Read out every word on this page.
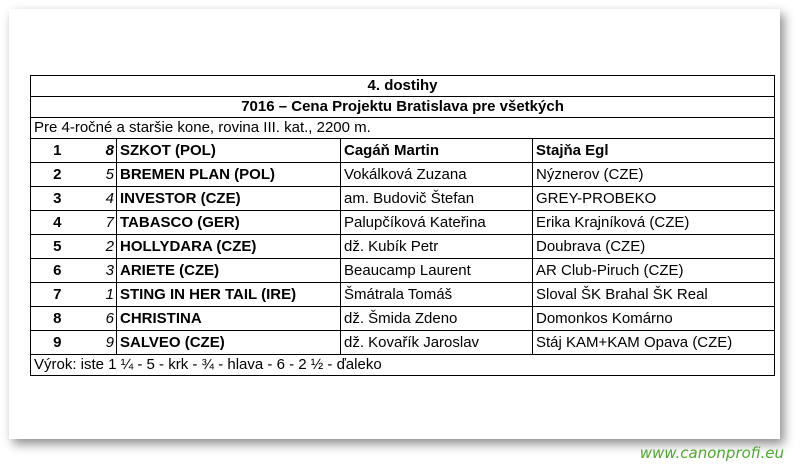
4. dostihy				
7016 – Cena Projektu Bratislava pre všetkých				
Pre 4-ročné a staršie kone, rovina III. kat., 2200 m.				
1	8	SZKOT (POL)	Cagáň Martin	Stajňa Egl
2	5	BREMEN PLAN (POL)	Vokálková Zuzana	Nýznerov (CZE)
3	4	INVESTOR (CZE)	am. Budovič Štefan	GREY-PROBEKO
4	7	TABASCO (GER)	Palupčíková Kateřina	Erika Krajníková (CZE)
5	2	HOLLYDARA (CZE)	dž. Kubík Petr	Doubrava (CZE)
6	3	ARIETE (CZE)	Beaucamp Laurent	AR Club-Piruch (CZE)
7	1	STING IN HER TAIL (IRE)	Šmátrala Tomáš	Sloval ŠK Brahal ŠK Real
8	6	CHRISTINA	dž. Šmida Zdeno	Domonkos Komárno
9	9	SALVEO (CZE)	dž. Kovařík Jaroslav	Stáj KAM+KAM Opava (CZE)
Výrok: iste 1 ¼ - 5 - krk - ¾ - hlava - 6 - 2 ½ - ďaleko				
www.canonprofi.eu
